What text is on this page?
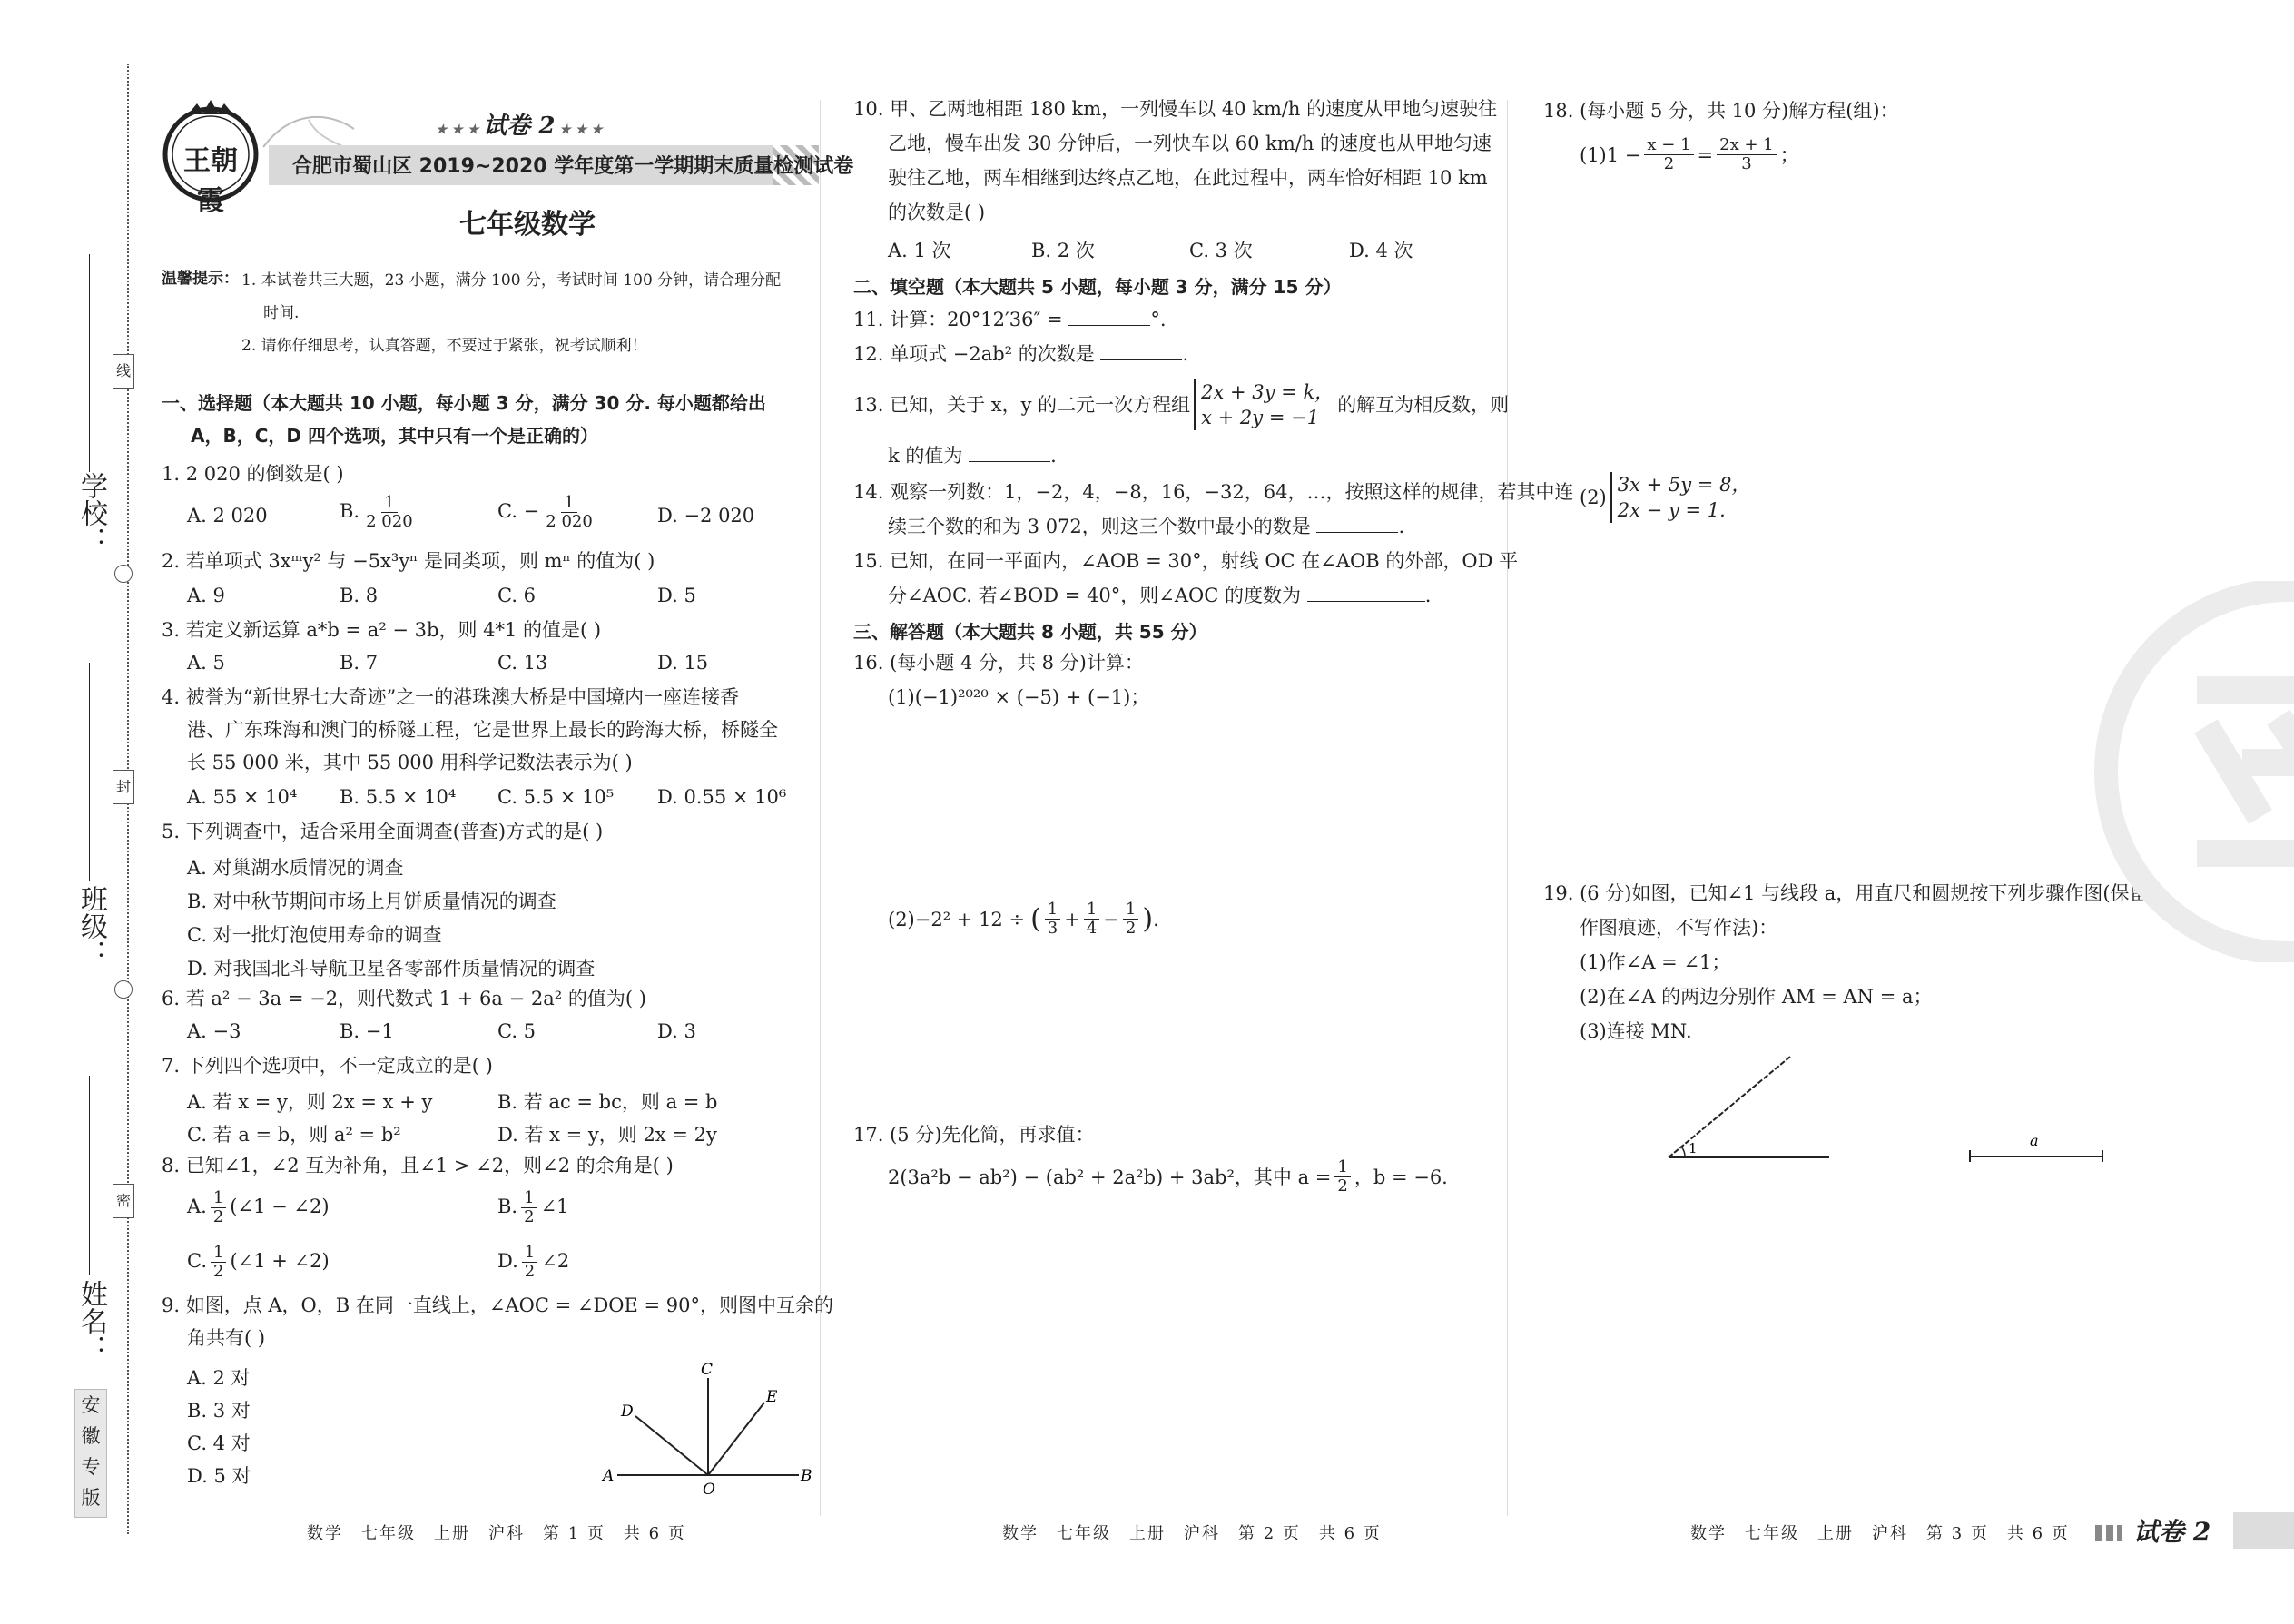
学校：
班级：
姓名：
线
封
密
安
徽
专
版
王朝霞
★ ★ ★ 试卷 2 ★ ★ ★
合肥市蜀山区 2019~2020 学年度第一学期期末质量检测试卷
七年级数学
温馨提示： 1. 本试卷共三大题，23 小题，满分 100 分，考试时间 100 分钟，请合理分配
时间.
2. 请你仔细思考，认真答题，不要过于紧张，祝考试顺利！
一、选择题（本大题共 10 小题，每小题 3 分，满分 30 分. 每小题都给出
A，B，C，D 四个选项，其中只有一个是正确的）
1. 2 020 的倒数是( )
A. 2 020	B. $\frac{1}{2 020}$	C. − $\frac{1}{2 020}$	D. −2 020
2. 若单项式 3xᵐy² 与 −5x³yⁿ 是同类项，则 mⁿ 的值为( )
A. 9	B. 8	C. 6	D. 5
3. 若定义新运算 a*b = a² − 3b，则 4*1 的值是( )
A. 5	B. 7	C. 13	D. 15
4. 被誉为“新世界七大奇迹”之一的港珠澳大桥是中国境内一座连接香
港、广东珠海和澳门的桥隧工程，它是世界上最长的跨海大桥，桥隧全
长 55 000 米，其中 55 000 用科学记数法表示为( )
A. 55 × 10⁴ B. 5.5 × 10⁴ C. 5.5 × 10⁵ D. 0.55 × 10⁶
5. 下列调查中，适合采用全面调查(普查)方式的是( )
A. 对巢湖水质情况的调查
B. 对中秋节期间市场上月饼质量情况的调查
C. 对一批灯泡使用寿命的调查
D. 对我国北斗导航卫星各零部件质量情况的调查
6. 若 a² − 3a = −2，则代数式 1 + 6a − 2a² 的值为( )
A. −3	B. −1	C. 5	D. 3
7. 下列四个选项中，不一定成立的是( )
A. 若 x = y，则 2x = x + y	B. 若 ac = bc，则 a = b
C. 若 a = b，则 a² = b²	D. 若 x = y，则 2x = 2y
8. 已知∠1，∠2 互为补角，且∠1 > ∠2，则∠2 的余角是( )
A. $\frac{1}{2}$ (∠1 − ∠2)	B. $\frac{1}{2}$ ∠1
C. $\frac{1}{2}$ (∠1 + ∠2)	D. $\frac{1}{2}$ ∠2
9. 如图，点 A，O，B 在同一直线上，∠AOC = ∠DOE = 90°，则图中互余的
角共有( )
A. 2 对
B. 3 对
C. 4 对
D. 5 对	A	B
C
D
E
O
10. 甲、乙两地相距 180 km，一列慢车以 40 km/h 的速度从甲地匀速驶往
乙地，慢车出发 30 分钟后，一列快车以 60 km/h 的速度也从甲地匀速
驶往乙地，两车相继到达终点乙地，在此过程中，两车恰好相距 10 km
的次数是( )
A. 1 次	B. 2 次	C. 3 次	D. 4 次
二、填空题（本大题共 5 小题，每小题 3 分，满分 15 分）
11. 计算：20°12′36″ =	°.
12. 单项式 −2ab² 的次数是	.
13. 已知，关于 x，y 的二元一次方程组
2x + 3y = k，
x + 2y = −1
的解互为相反数，则
k 的值为	.
14. 观察一列数：1，−2，4，−8，16，−32，64，…，按照这样的规律，若其中连
续三个数的和为 3 072，则这三个数中最小的数是	.
15. 已知，在同一平面内，∠AOB = 30°，射线 OC 在∠AOB 的外部，OD 平
分∠AOC. 若∠BOD = 40°，则∠AOC 的度数为	.
三、解答题（本大题共 8 小题，共 55 分）
16. (每小题 4 分，共 8 分)计算：
(1)(−1)²⁰²⁰ × (−5) + (−1)；
(2)−2² + 12 ÷ ( $\frac{1}{3} + \frac{1}{4} - \frac{1}{2}$ ) .
17. (5 分)先化简，再求值：
2(3a²b − ab²) − (ab² + 2a²b) + 3ab²，其中 $a = \frac{1}{2}$ ，b = −6.
18. (每小题 5 分，共 10 分)解方程(组)：
$(1)1 - \frac{x - 1}{2} = \frac{2x + 1}{3}$ ；
(2)
3x + 5y = 8，
2x − y = 1.
19. (6 分)如图，已知∠1 与线段 a，用直尺和圆规按下列步骤作图(保留
作图痕迹，不写作法)：
(1)作∠A = ∠1；
(2)在∠A 的两边分别作 AM = AN = a；
(3)连接 MN.
1	a
数学　七年级　上册　沪科　第 1 页　共 6 页	数学　七年级　上册　沪科　第 2 页　共 6 页	数学　七年级　上册　沪科　第 3 页　共 6 页	试卷 2
